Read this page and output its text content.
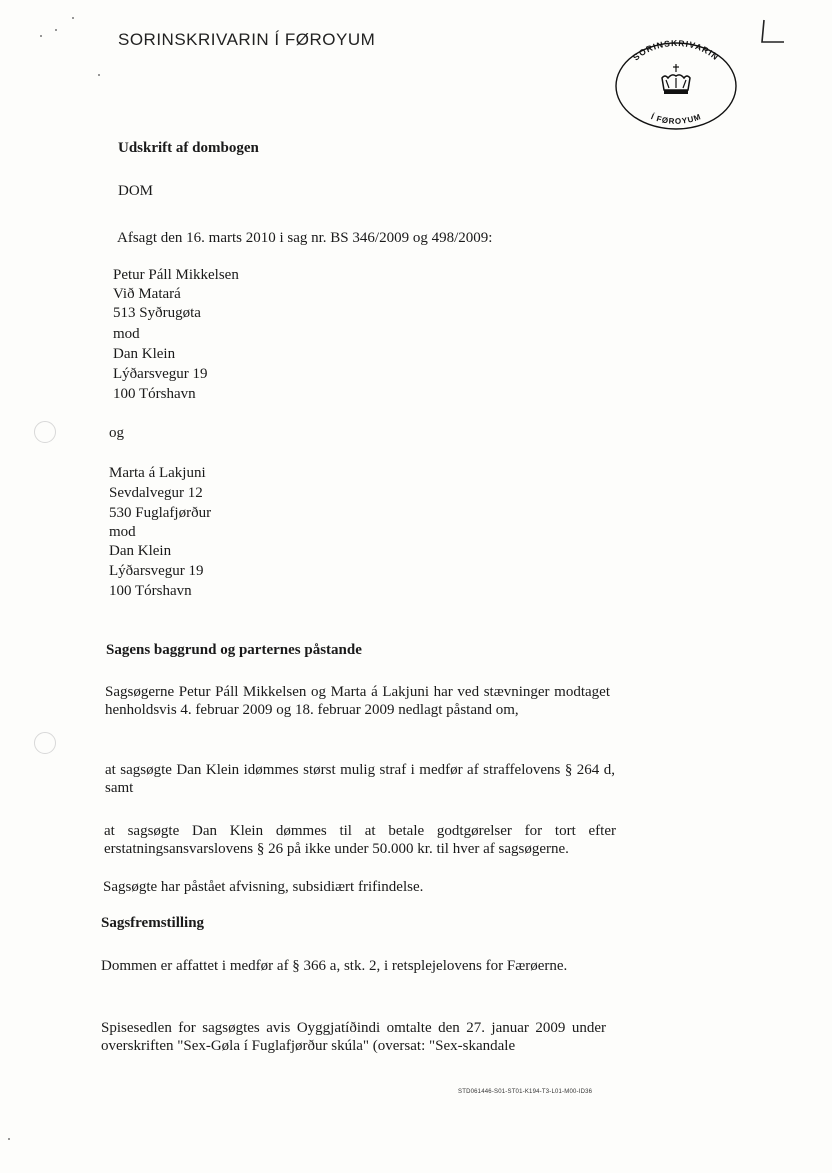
SORINSKRIVARIN Í FØROYUM
SORINSKRIVARIN
Í FØROYUM
Udskrift af dombogen
DOM
Afsagt den 16. marts 2010 i sag nr. BS 346/2009 og 498/2009:
Petur Páll Mikkelsen
Við Matará
513 Syðrugøta
mod
Dan Klein
Lýðarsvegur 19
100 Tórshavn
og
Marta á Lakjuni
Sevdalvegur 12
530 Fuglafjørður
mod
Dan Klein
Lýðarsvegur 19
100 Tórshavn
Sagens baggrund og parternes påstande
Sagsøgerne Petur Páll Mikkelsen og Marta á Lakjuni har ved stævninger modtaget henholdsvis 4. februar 2009 og 18. februar 2009 nedlagt påstand om,
at sagsøgte Dan Klein idømmes størst mulig straf i medfør af straffelovens § 264 d, samt
at sagsøgte Dan Klein dømmes til at betale godtgørelser for tort efter erstatningsansvarslovens § 26 på ikke under 50.000 kr. til hver af sagsøgerne.
Sagsøgte har påstået afvisning, subsidiært frifindelse.
Sagsfremstilling
Dommen er affattet i medfør af § 366 a, stk. 2, i retsplejelovens for Færøerne.
Spisesedlen for sagsøgtes avis Oyggjatíðindi omtalte den 27. januar 2009 under overskriften "Sex-Gøla í Fuglafjørður skúla" (oversat: "Sex-skandale
STD061446-S01-ST01-K194-T3-L01-M00-ID36
